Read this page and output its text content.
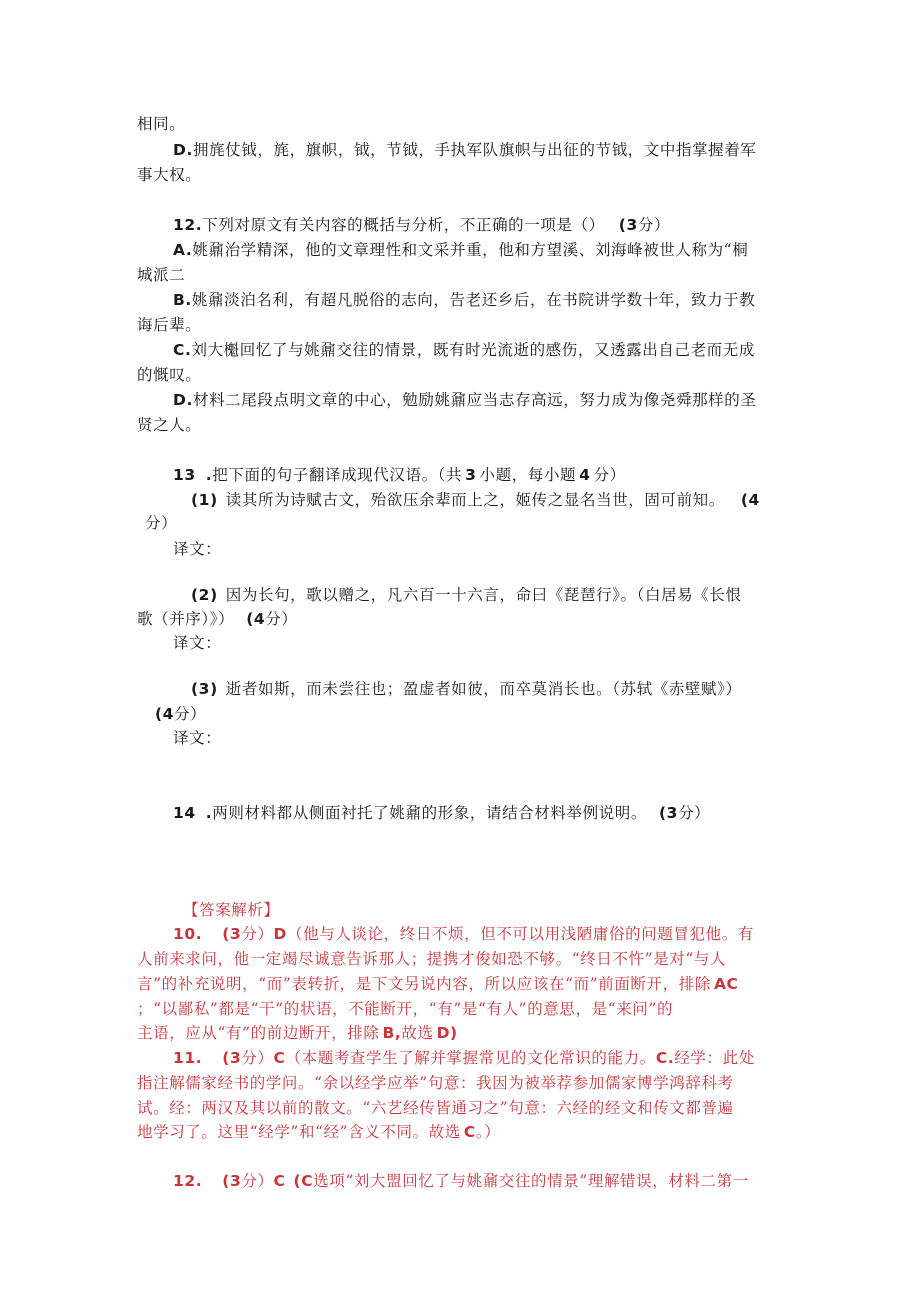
相同。
D.拥旄仗钺，旄，旗帜，钺，节钺，手执军队旗帜与出征的节钺，文中指掌握着军
事大权。
12.下列对原文有关内容的概括与分析，不正确的一项是（） (3分）
A.姚鼐治学精深，他的文章理性和文采并重，他和方望溪、刘海峰被世人称为“桐
城派二
B.姚鼐淡泊名利，有超凡脱俗的志向，告老还乡后，在书院讲学数十年，致力于教
诲后辈。
C.刘大櫆回忆了与姚鼐交往的情景，既有时光流逝的感伤，又透露出自己老而无成
的慨叹。
D.材料二尾段点明文章的中心，勉励姚鼐应当志存高远，努力成为像尧舜那样的圣
贤之人。
13 .把下面的句子翻译成现代汉语。（共 3 小题，每小题 4 分）
(1) 读其所为诗赋古文，殆欲压余辈而上之，姬传之显名当世，固可前知。 (4
分）
译文：
(2) 因为长句，歌以赠之，凡六百一十六言，命曰《琵琶行》。（白居易《长恨
歌（并序）》） (4分）
译文：
(3) 逝者如斯，而未尝往也；盈虚者如彼，而卒莫消长也。（苏轼《赤壁赋》）
(4分）
译文：
14 .两则材料都从侧面衬托了姚鼐的形象，请结合材料举例说明。 (3分）
【答案解析】
10. (3分）D（他与人谈论，终日不烦，但不可以用浅陋庸俗的问题冒犯他。有
人前来求问，他一定竭尽诚意告诉那人；提携才俊如恐不够。“终日不忤”是对“与人
言”的补充说明，“而”表转折，是下文另说内容，所以应该在“而”前面断开，排除 AC
；“以鄙私”都是“干”的状语，不能断开，“有”是“有人”的意思，是“来问”的
主语，应从“有”的前边断开，排除 B,故选 D)
11. (3分）C（本题考查学生了解并掌握常见的文化常识的能力。C.经学：此处
指注解儒家经书的学问。“余以经学应举”句意：我因为被举荐参加儒家博学鸿辞科考
试。经：两汉及其以前的散文。“六艺经传皆通习之”句意：六经的经文和传文都普遍
地学习了。这里“经学”和“经”含义不同。故选 C。）
12. (3分）C (C选项“刘大盟回忆了与姚鼐交往的情景”理解错误，材料二第一
